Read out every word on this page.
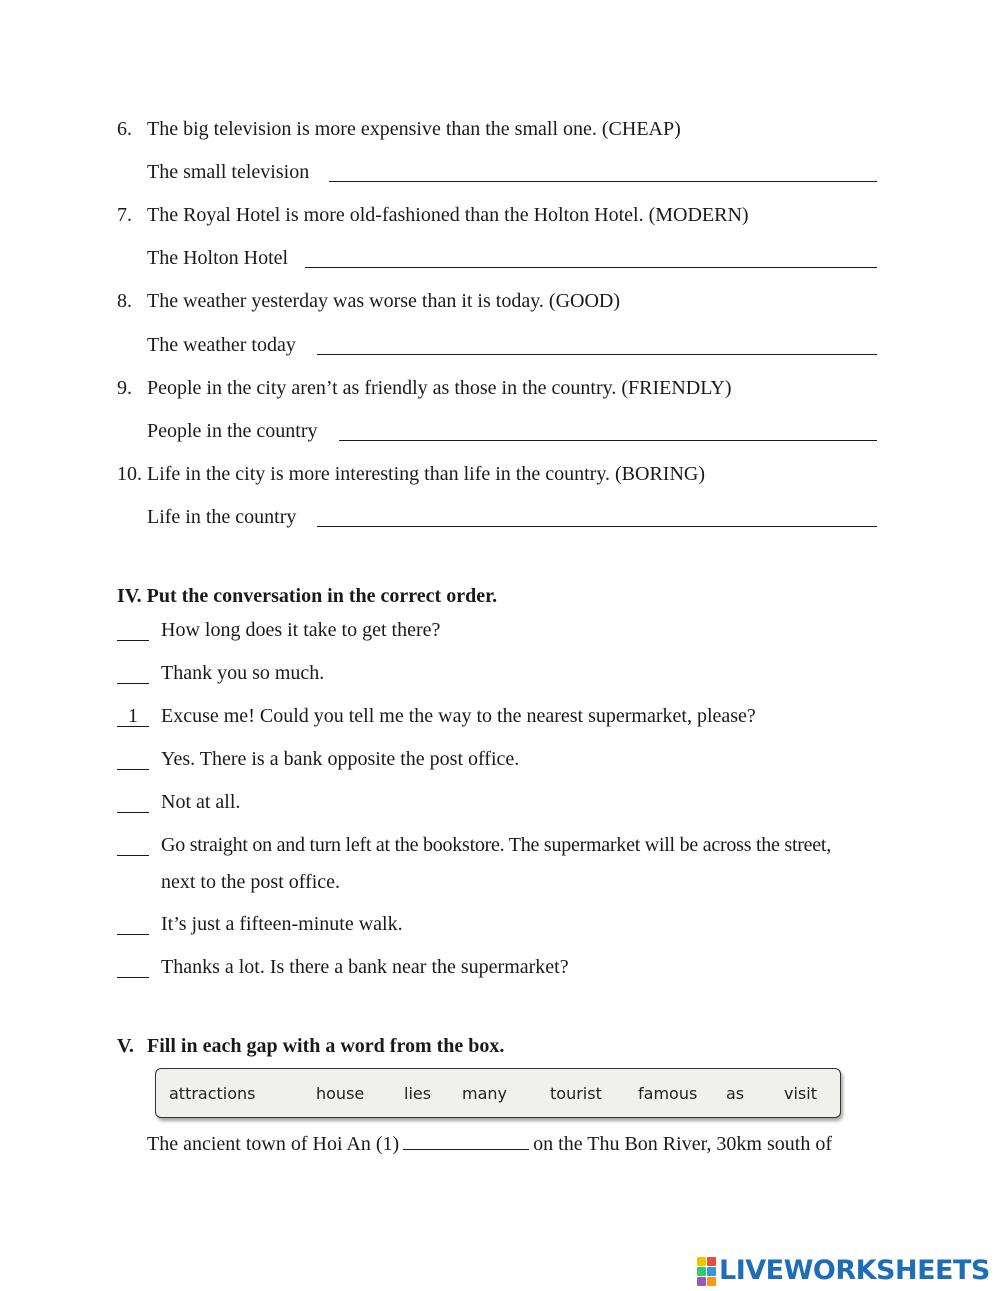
6. The big television is more expensive than the small one. (CHEAP)
The small television
7. The Royal Hotel is more old-fashioned than the Holton Hotel. (MODERN)
The Holton Hotel
8. The weather yesterday was worse than it is today. (GOOD)
The weather today
9. People in the city aren’t as friendly as those in the country. (FRIENDLY)
People in the country
10. Life in the city is more interesting than life in the country. (BORING)
Life in the country
IV. Put the conversation in the correct order.
How long does it take to get there?
Thank you so much.
1	Excuse me! Could you tell me the way to the nearest supermarket, please?
Yes. There is a bank opposite the post office.
Not at all.
Go straight on and turn left at the bookstore. The supermarket will be across the street,
next to the post office.
It’s just a fifteen-minute walk.
Thanks a lot. Is there a bank near the supermarket?
V. Fill in each gap with a word from the box.
attractions	house lies many	tourist famous as visit
The ancient town of Hoi An (1)	on the Thu Bon River, 30km south of
LIVEWORKSHEETS
